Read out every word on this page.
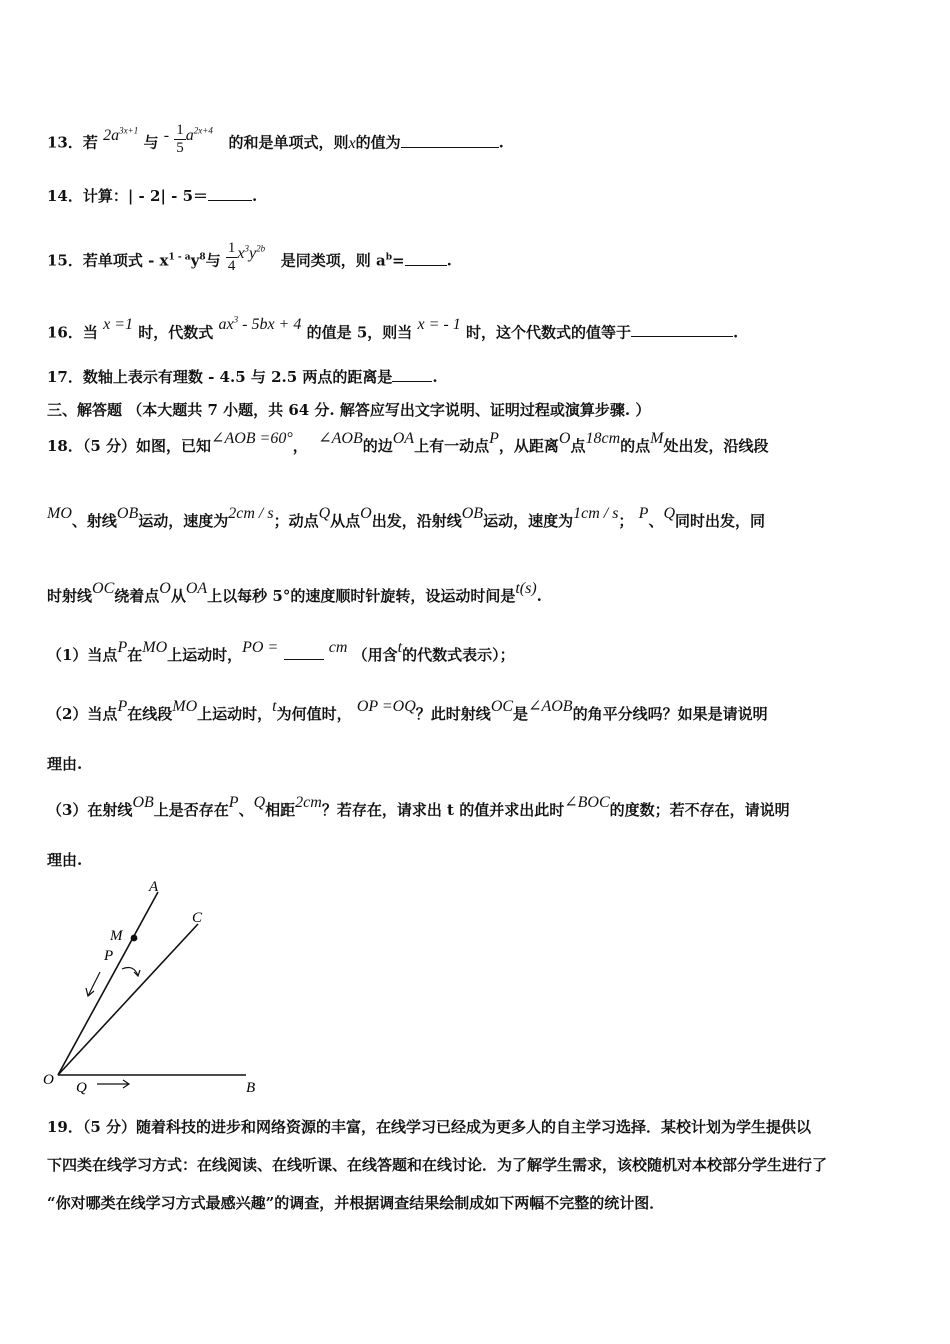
13．若 $2a^{3x+1}$ 与 - $\frac{1}{5} a^{2x+4}$   的和是单项式，则x的值为	.
14．计算：| - 2| - 5＝	.
15．若单项式 - $x^{1 - a}y^8$与 $\frac{1}{4} x^3y^{2b}$   是同类项，则 $a^b=$	.
16．当 x =1 时，代数式 $ax^3 - 5bx + 4$ 的值是 5，则当 x = - 1 时，这个代数式的值等于	.
17．数轴上表示有理数 - 4.5 与 2.5 两点的距离是	.
三、解答题 （本大题共 7 小题，共 64 分. 解答应写出文字说明、证明过程或演算步骤. ）
18．（5 分）如图，已知∠AOB =60°， ∠AOB的边OA上有一动点P，从距离O点18cm的点M处出发，沿线段
MO、射线OB运动，速度为2cm / s；动点Q从点O出发，沿射线OB运动，速度为1cm / s； P、Q同时出发，同
时射线OC绕着点O从OA上以每秒 5°的速度顺时针旋转，设运动时间是t(s).
（1）当点P在MO上运动时，PO =	cm （用含t的代数式表示）；
（2）当点P在线段MO上运动时，t为何值时， OP =OQ？此时射线OC是∠AOB的角平分线吗？如果是请说明
理由.
（3）在射线OB上是否存在P、Q相距2cm？若存在，请求出 t 的值并求出此时∠BOC的度数；若不存在，请说明
理由.
A
C
M
P
O Q	B
19．（5 分）随着科技的进步和网络资源的丰富，在线学习已经成为更多人的自主学习选择．某校计划为学生提供以
下四类在线学习方式：在线阅读、在线听课、在线答题和在线讨论．为了解学生需求，该校随机对本校部分学生进行了
“你对哪类在线学习方式最感兴趣”的调查，并根据调查结果绘制成如下两幅不完整的统计图．
